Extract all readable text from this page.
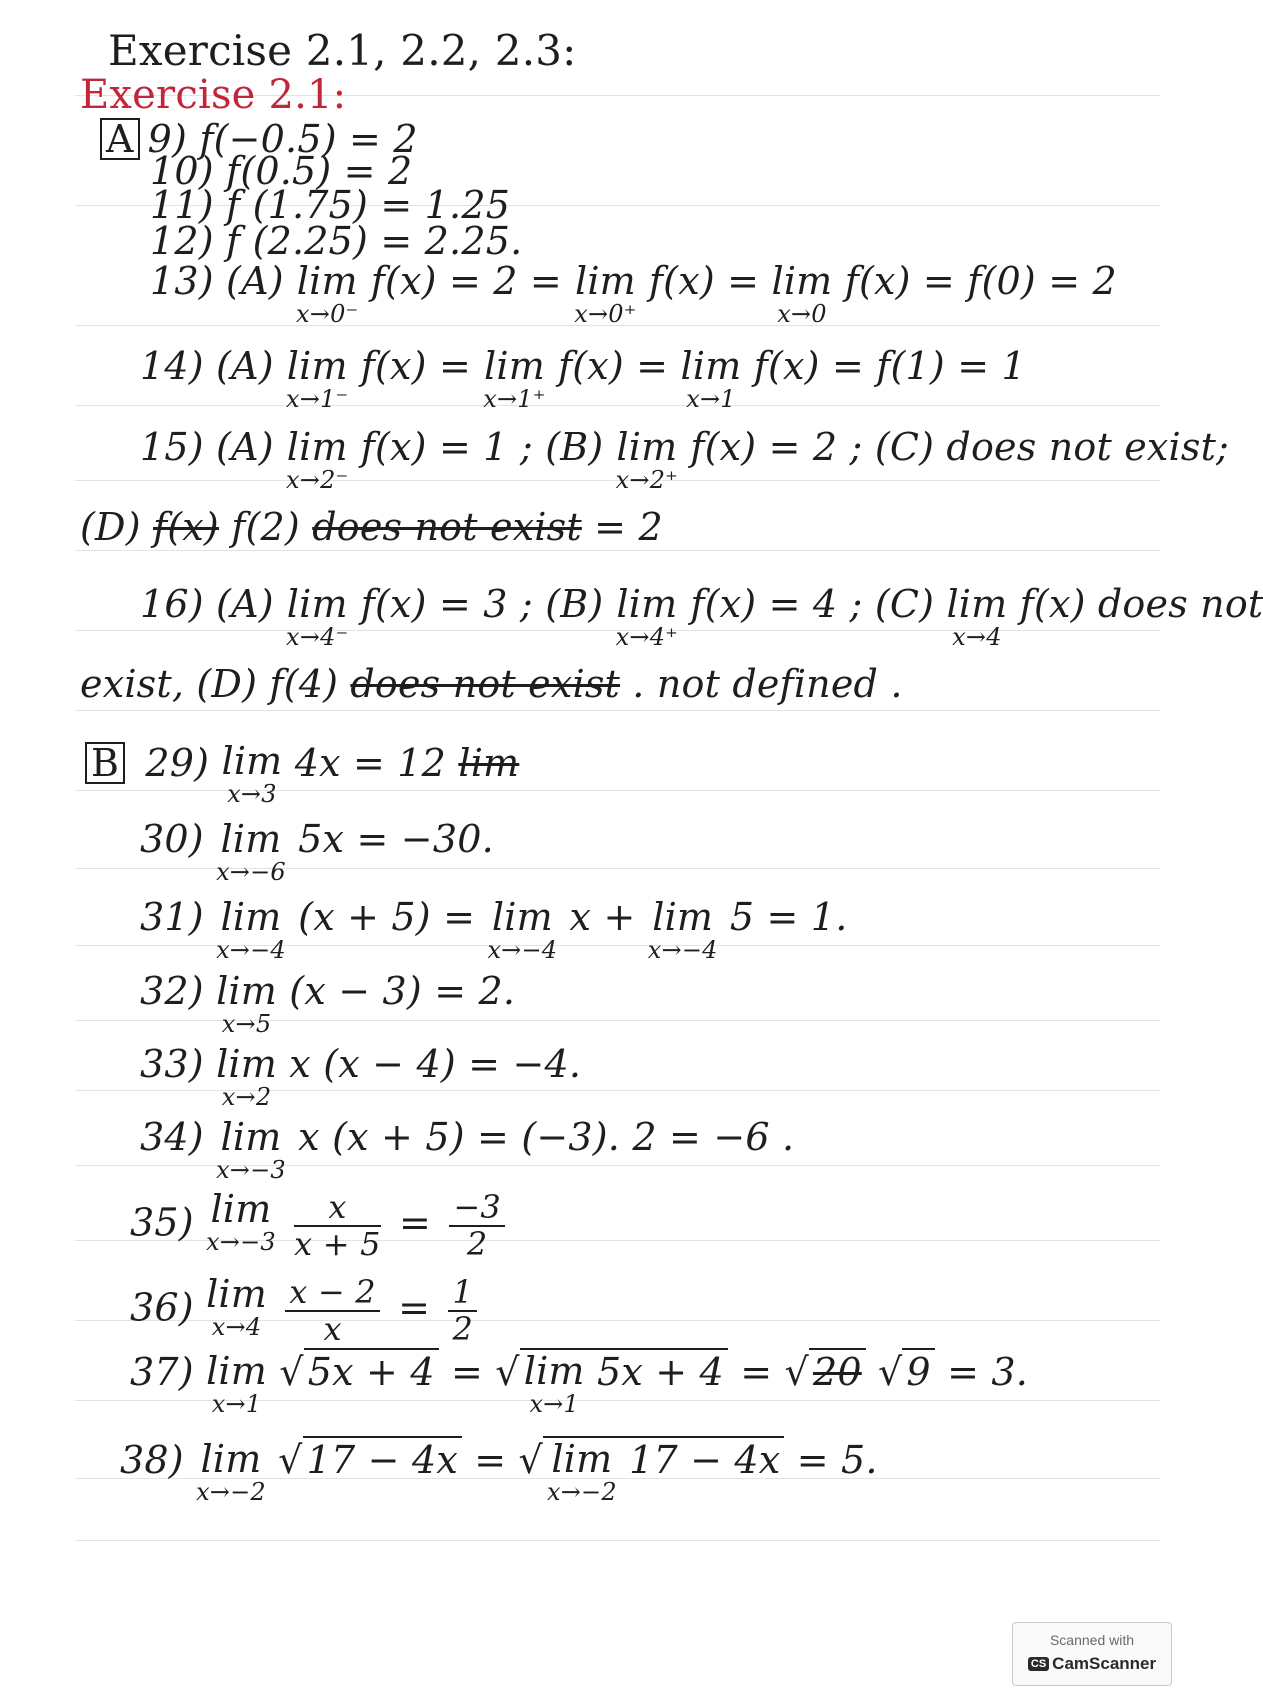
Exercise 2.1, 2.2, 2.3:
Exercise 2.1:
A 9) f(−0.5) = 2
10) f(0.5) = 2
11) f (1.75) = 1.25
12) f (2.25) = 2.25.
13) (A) lim
x→0⁻
f(x) = 2 = lim
x→0⁺
f(x) = lim
x→0
f(x) = f(0) = 2
14) (A) lim
x→1⁻
f(x) = lim
x→1⁺
f(x) = lim
x→1
f(x) = f(1) = 1
15) (A) lim
x→2⁻
f(x) = 1 ; (B) lim
x→2⁺
f(x) = 2 ; (C) does not exist;
(D) f(x) f(2) does not exist = 2
16) (A) lim
x→4⁻
f(x) = 3 ; (B) lim
x→4⁺
f(x) = 4 ; (C) lim
x→4
f(x) does not
exist, (D) f(4) does not exist . not defined .
B 29) lim
x→3
4x = 12 lim
30) lim
x→−6
5x = −30.
31) lim
x→−4
(x + 5) = lim
x→−4
x + lim
x→−4
5 = 1.
32) lim
x→5
(x − 3) = 2.
33) lim
x→2
x (x − 4) = −4.
34) lim
x→−3
x (x + 5) = (−3). 2 = −6 .
35) lim
x→−3
$\frac{x}{x + 5} = \frac{-3}{2}$
36) lim
x→4
$\frac{x - 2}{x} = \frac{1}{2}$
37) lim
x→1
√ 5x + 4 = √ lim
x→1
5x + 4 = √ 20 √ 9 = 3.
38) lim
x→−2
√ 17 − 4x = √ lim
x→−2
17 − 4x = 5.
Scanned with
CS CamScanner
